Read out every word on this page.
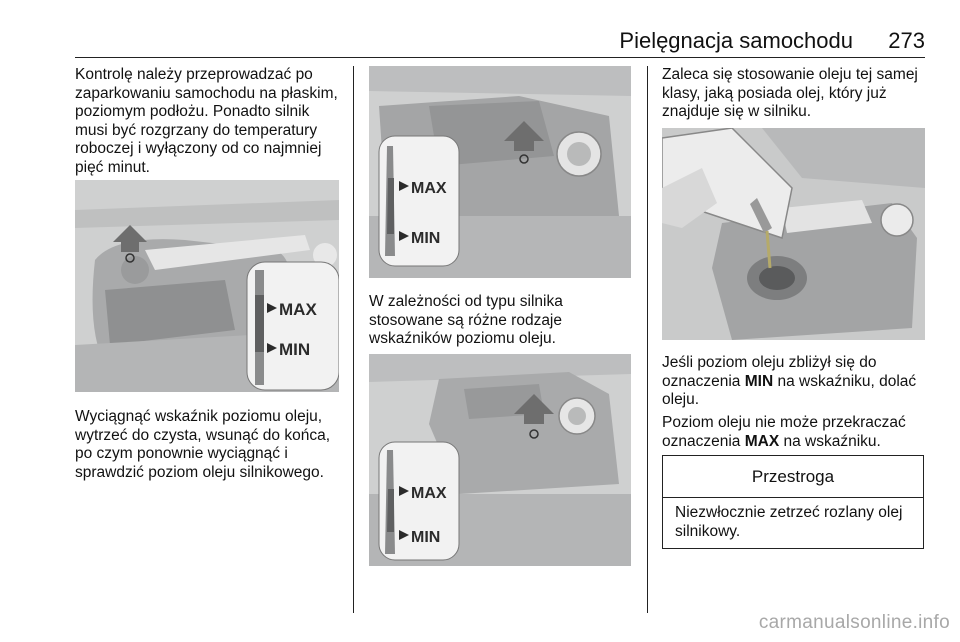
Pielęgnacja samochodu 273

Kontrolę należy przeprowadzać po zaparkowaniu samochodu na płaskim, poziomym podłożu. Ponadto silnik musi być rozgrzany do temperatury roboczej i wyłączony od co najmniej pięć minut.

MAX
MIN

Wyciągnąć wskaźnik poziomu oleju, wytrzeć do czysta, wsunąć do końca, po czym ponownie wyciągnąć i sprawdzić poziom oleju silnikowego.

MAX
MIN

W zależności od typu silnika stosowane są różne rodzaje wskaźników poziomu oleju.

MAX
MIN

Zaleca się stosowanie oleju tej samej klasy, jaką posiada olej, który już znajduje się w silniku.

Jeśli poziom oleju zbliżył się do oznaczenia MIN na wskaźniku, dolać oleju.

Poziom oleju nie może przekraczać oznaczenia MAX na wskaźniku.

Przestroga
Niezwłocznie zetrzeć rozlany olej silnikowy.
carmanualsonline.info
